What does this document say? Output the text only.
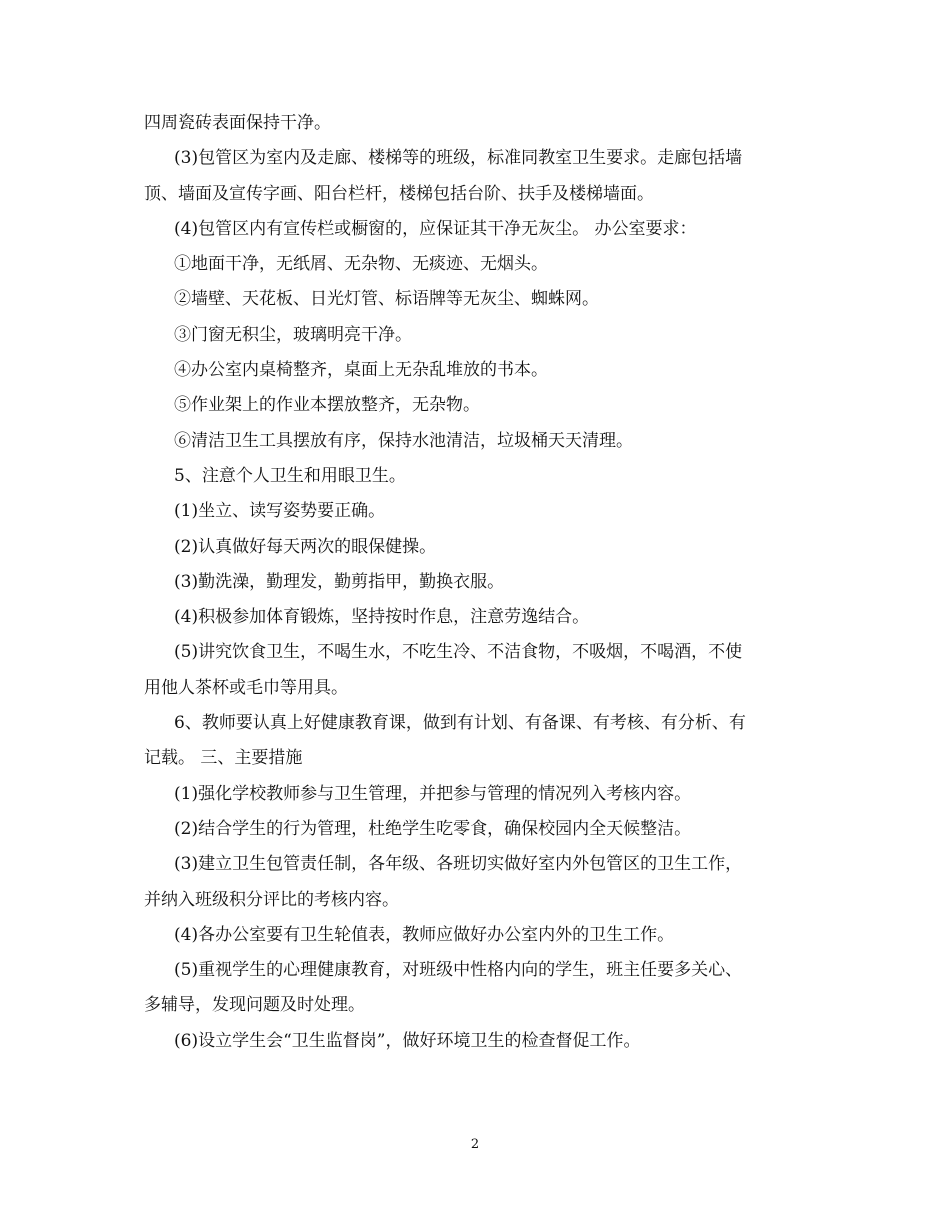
四周瓷砖表面保持干净。
(3)包管区为室内及走廊、楼梯等的班级，标准同教室卫生要求。走廊包括墙
顶、墙面及宣传字画、阳台栏杆，楼梯包括台阶、扶手及楼梯墙面。
(4)包管区内有宣传栏或橱窗的，应保证其干净无灰尘。 办公室要求：
①地面干净，无纸屑、无杂物、无痰迹、无烟头。
②墙壁、天花板、日光灯管、标语牌等无灰尘、蜘蛛网。
③门窗无积尘，玻璃明亮干净。
④办公室内桌椅整齐，桌面上无杂乱堆放的书本。
⑤作业架上的作业本摆放整齐，无杂物。
⑥清洁卫生工具摆放有序，保持水池清洁，垃圾桶天天清理。
5、注意个人卫生和用眼卫生。
(1)坐立、读写姿势要正确。
(2)认真做好每天两次的眼保健操。
(3)勤洗澡，勤理发，勤剪指甲，勤换衣服。
(4)积极参加体育锻炼，坚持按时作息，注意劳逸结合。
(5)讲究饮食卫生，不喝生水，不吃生冷、不洁食物，不吸烟，不喝酒，不使
用他人茶杯或毛巾等用具。
6、教师要认真上好健康教育课，做到有计划、有备课、有考核、有分析、有
记载。 三、主要措施
(1)强化学校教师参与卫生管理，并把参与管理的情况列入考核内容。
(2)结合学生的行为管理，杜绝学生吃零食，确保校园内全天候整洁。
(3)建立卫生包管责任制，各年级、各班切实做好室内外包管区的卫生工作，
并纳入班级积分评比的考核内容。
(4)各办公室要有卫生轮值表，教师应做好办公室内外的卫生工作。
(5)重视学生的心理健康教育，对班级中性格内向的学生，班主任要多关心、
多辅导，发现问题及时处理。
(6)设立学生会“卫生监督岗”，做好环境卫生的检查督促工作。
2
